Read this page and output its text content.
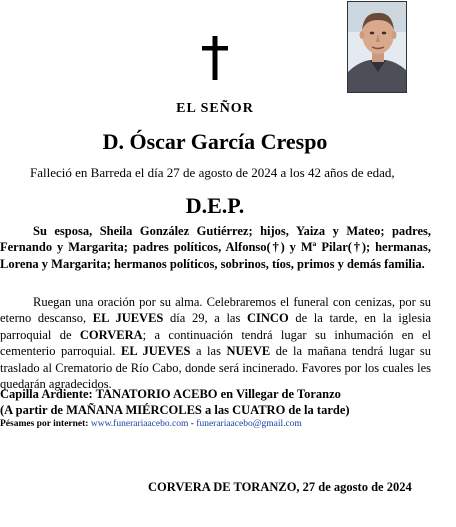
EL SEÑOR
D. Óscar García Crespo
Falleció en Barreda el día 27 de agosto de 2024 a los 42 años de edad,
D.E.P.
Su esposa, Sheila González Gutiérrez; hijos, Yaiza y Mateo; padres, Fernando y Margarita; padres políticos, Alfonso(†) y Mª Pilar(†); hermanas, Lorena y Margarita; hermanos políticos, sobrinos, tíos, primos y demás familia.
Ruegan una oración por su alma. Celebraremos el funeral con cenizas, por su eterno descanso, EL JUEVES día 29, a las CINCO de la tarde, en la iglesia parroquial de CORVERA; a continuación tendrá lugar su inhumación en el cementerio parroquial. EL JUEVES a las NUEVE de la mañana tendrá lugar su traslado al Crematorio de Río Cabo, donde será incinerado. Favores por los cuales les quedarán agradecidos.
Capilla Ardiente: TANATORIO ACEBO en Villegar de Toranzo
(A partir de MAÑANA MIÉRCOLES a las CUATRO de la tarde)
Pésames por internet: www.funerariaacebo.com - funerariaacebo@gmail.com
CORVERA DE TORANZO, 27 de agosto de 2024
